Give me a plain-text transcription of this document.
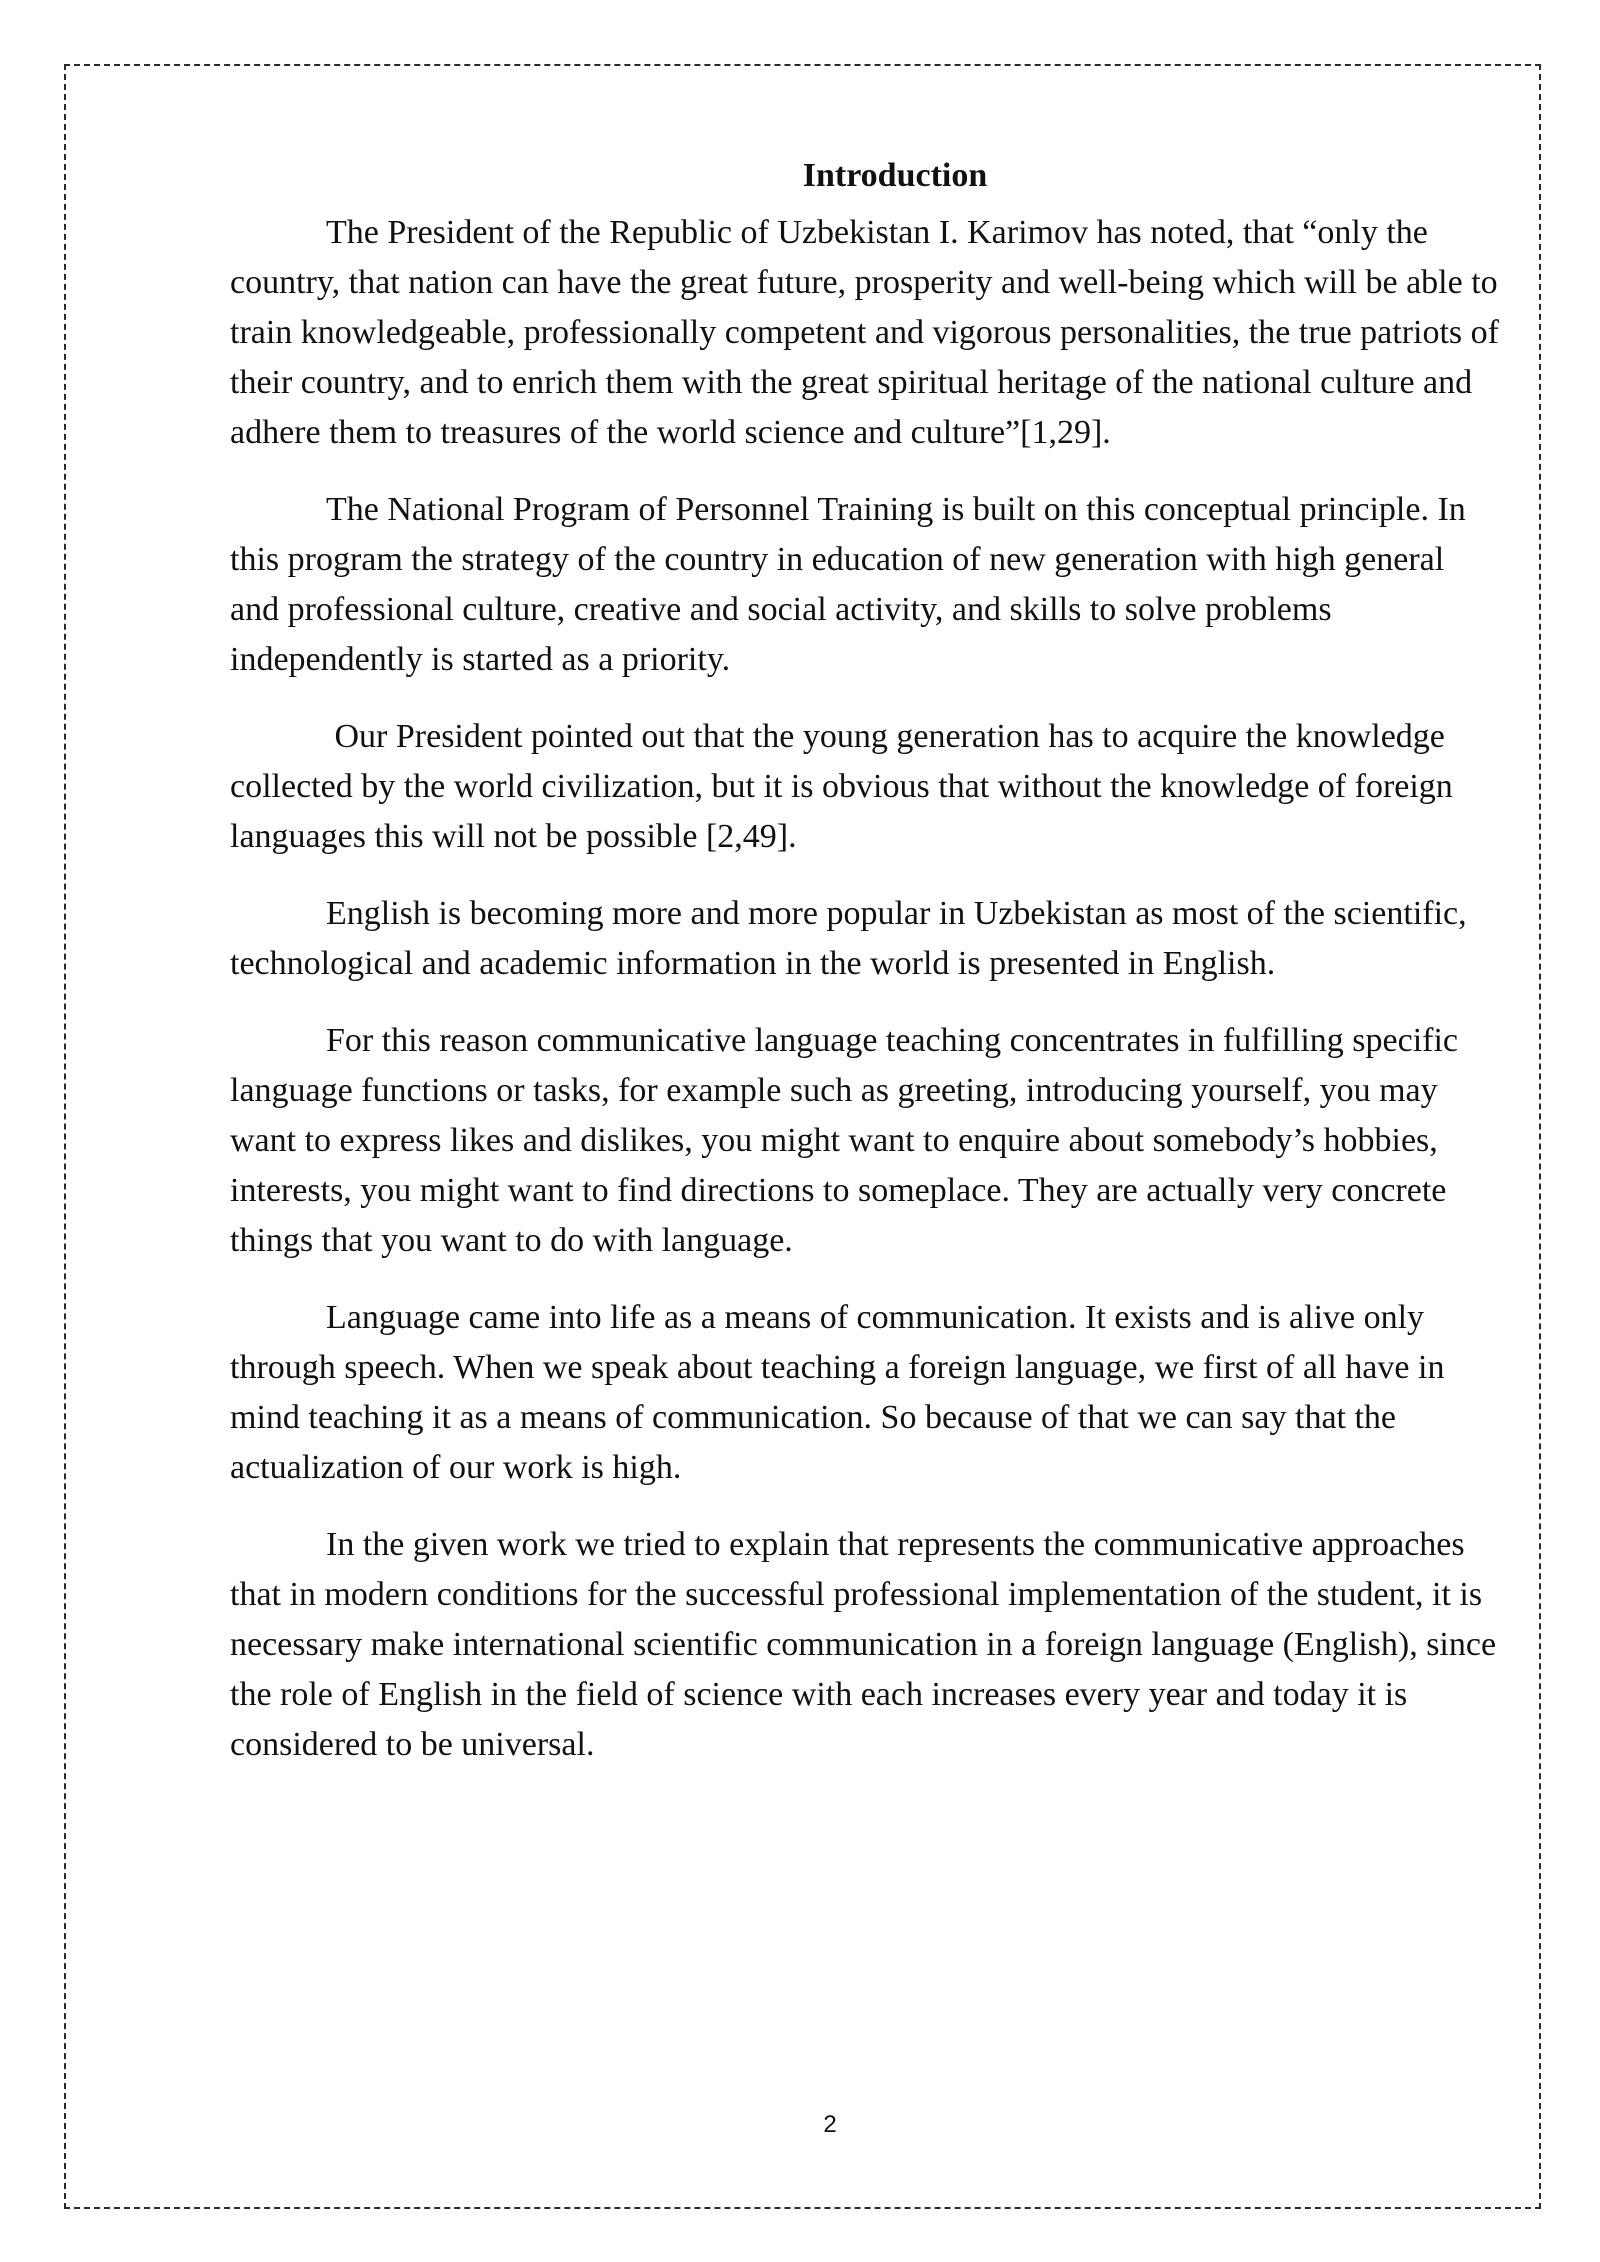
Introduction

The President of the Republic of Uzbekistan I. Karimov has noted, that “only the country, that nation can have the great future, prosperity and well-being which will be able to train knowledgeable, professionally competent and vigorous personalities, the true patriots of their country, and to enrich them with the great spiritual heritage of the national culture and adhere them to treasures of the world science and culture”[1,29].

The National Program of Personnel Training is built on this conceptual principle. In this program the strategy of the country in education of new generation with high general and professional culture, creative and social activity, and skills to solve problems independently is started as a priority.

Our President pointed out that the young generation has to acquire the knowledge collected by the world civilization, but it is obvious that without the knowledge of foreign languages this will not be possible [2,49].

English is becoming more and more popular in Uzbekistan as most of the scientific, technological and academic information in the world is presented in English.

For this reason communicative language teaching concentrates in fulfilling specific language functions or tasks, for example such as greeting, introducing yourself, you may want to express likes and dislikes, you might want to enquire about somebody’s hobbies, interests, you might want to find directions to someplace. They are actually very concrete things that you want to do with language.

Language came into life as a means of communication. It exists and is alive only through speech. When we speak about teaching a foreign language, we first of all have in mind teaching it as a means of communication. So because of that we can say that the actualization of our work is high.

In the given work we tried to explain that represents the communicative approaches that in modern conditions for the successful professional implementation of the student, it is necessary make international scientific communication in a foreign language (English), since the role of English in the field of science with each increases every year and today it is considered to be universal.

2
